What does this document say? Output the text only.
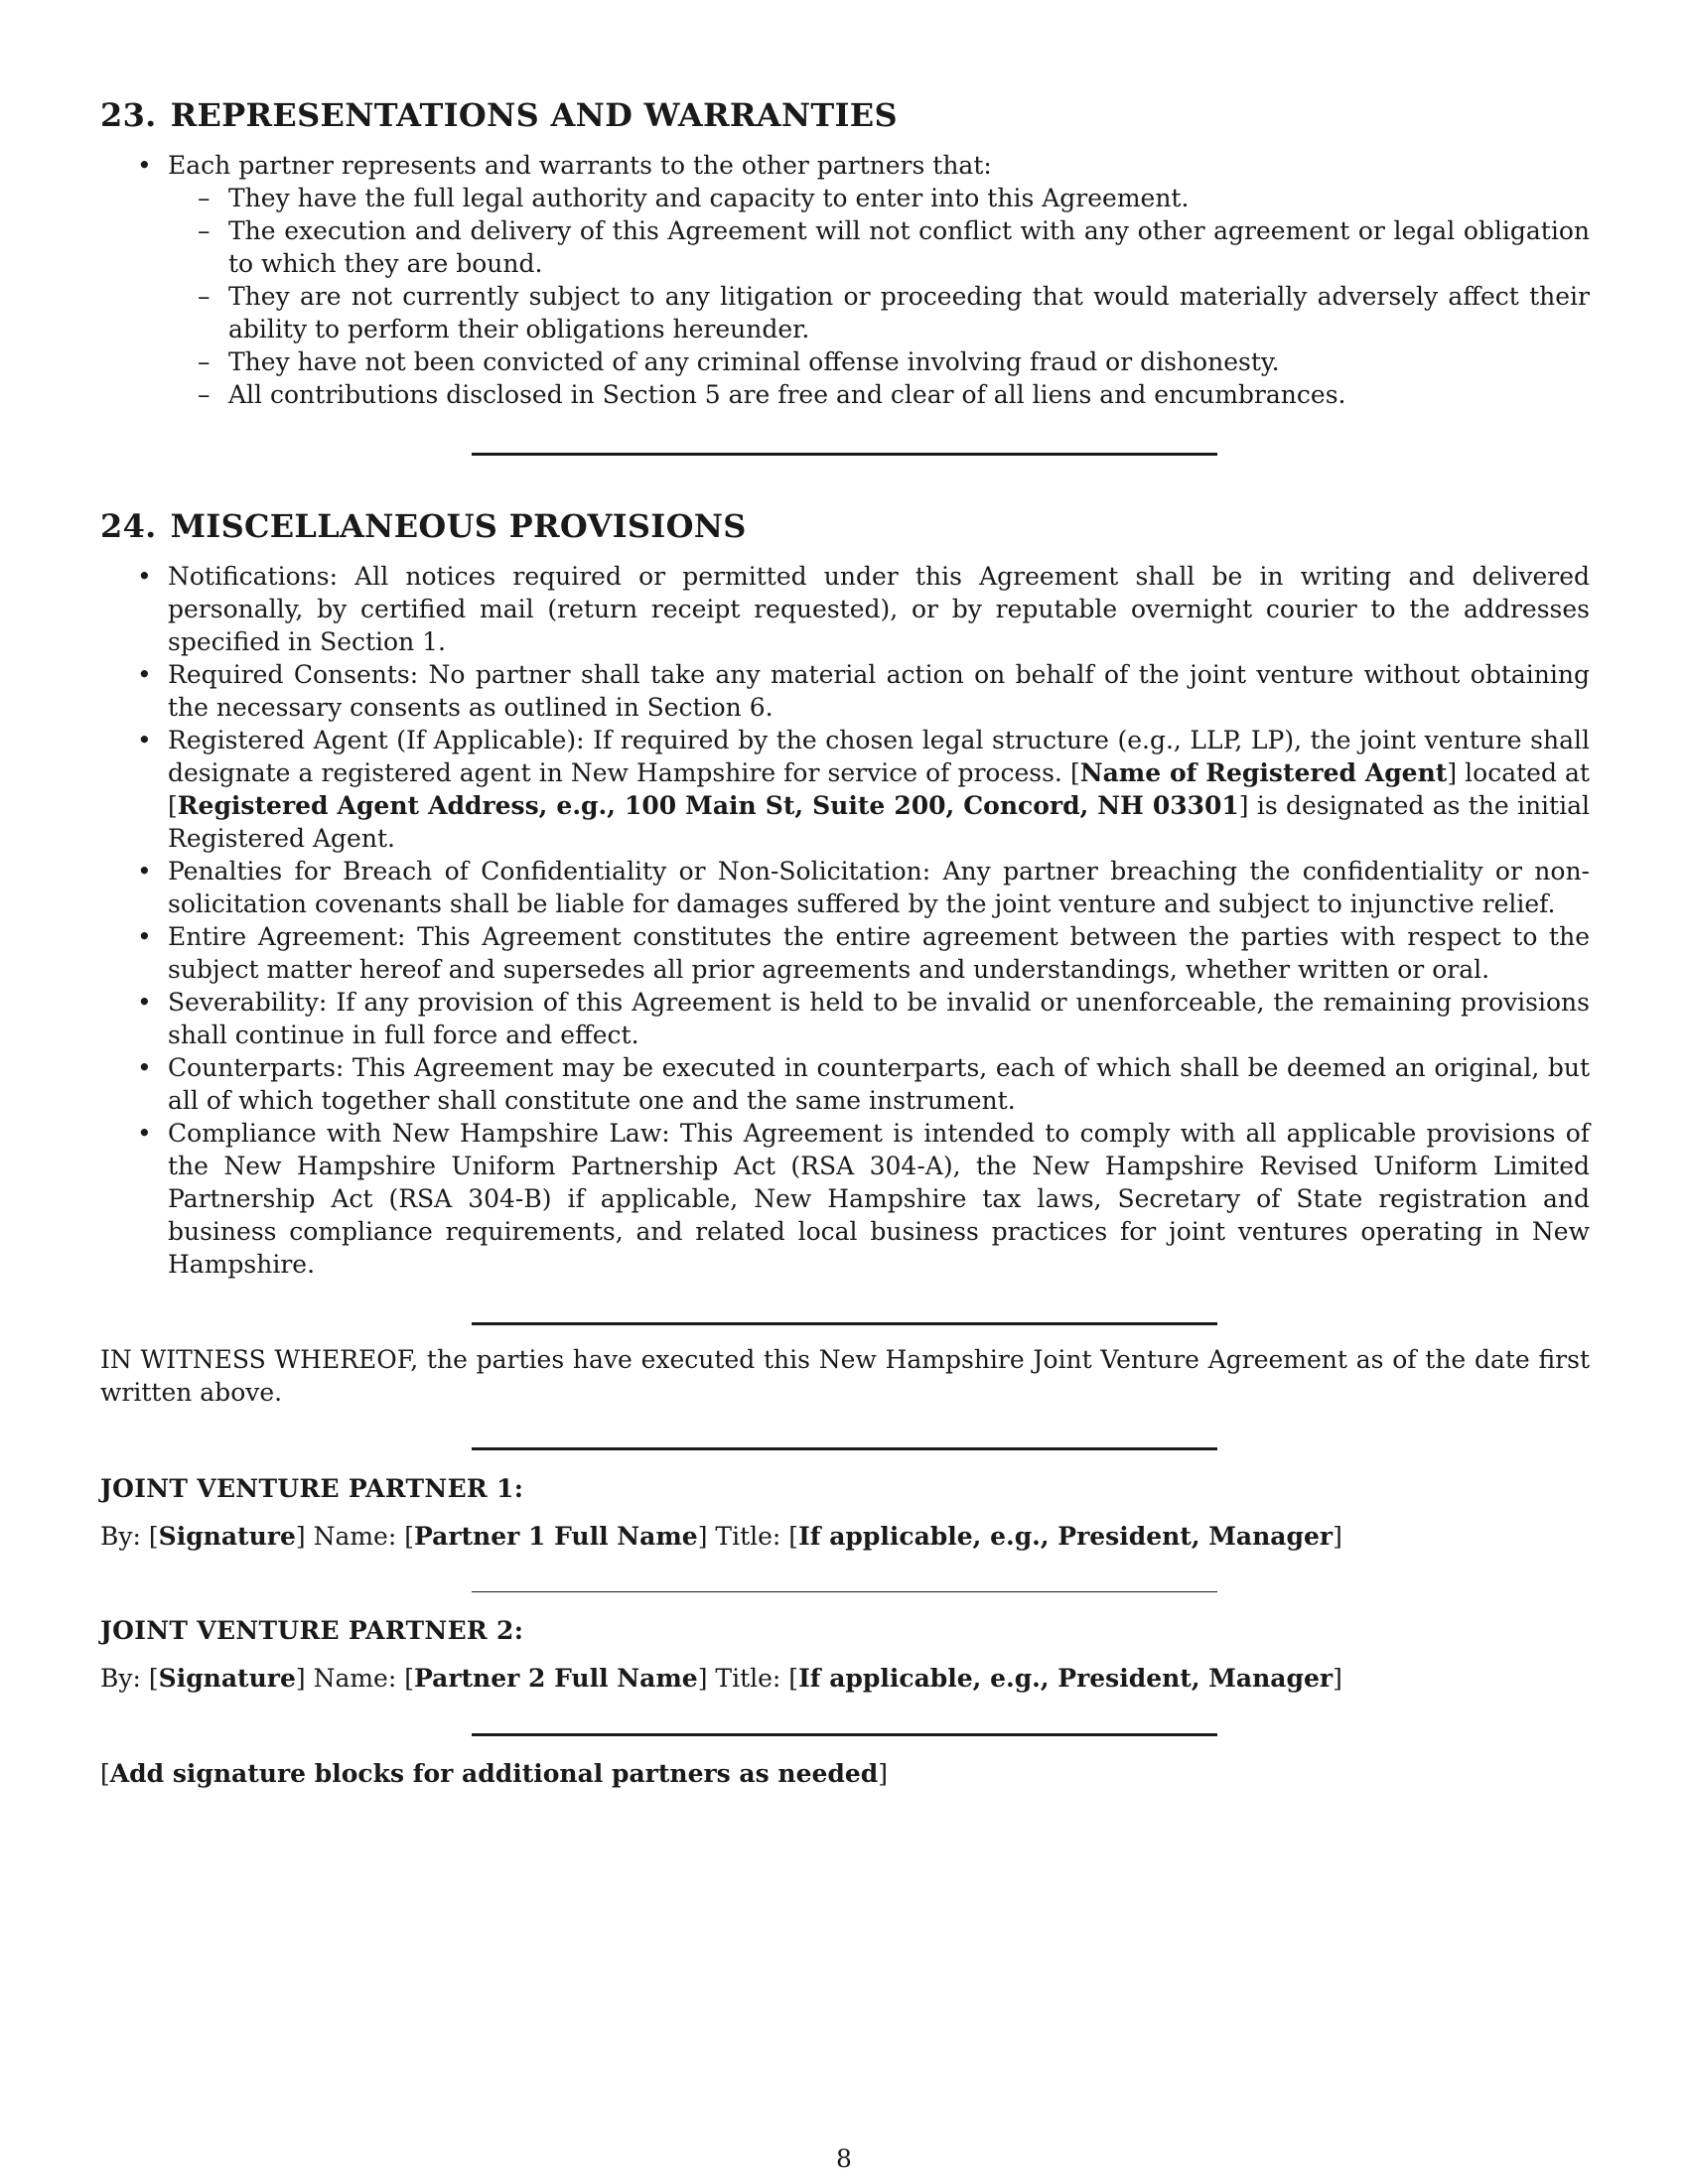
23. REPRESENTATIONS AND WARRANTIES
• Each partner represents and warrants to the other partners that:
– They have the full legal authority and capacity to enter into this Agreement.
– The execution and delivery of this Agreement will not conflict with any other agreement or legal obligation to which they are bound.
– They are not currently subject to any litigation or proceeding that would materially adversely affect their ability to perform their obligations hereunder.
– They have not been convicted of any criminal offense involving fraud or dishonesty.
– All contributions disclosed in Section 5 are free and clear of all liens and encumbrances.
24. MISCELLANEOUS PROVISIONS
• Notifications: All notices required or permitted under this Agreement shall be in writing and delivered personally, by certified mail (return receipt requested), or by reputable overnight courier to the addresses specified in Section 1.
• Required Consents: No partner shall take any material action on behalf of the joint venture without obtaining the necessary consents as outlined in Section 6.
• Registered Agent (If Applicable): If required by the chosen legal structure (e.g., LLP, LP), the joint venture shall designate a registered agent in New Hampshire for service of process. [Name of Registered Agent] located at [Registered Agent Address, e.g., 100 Main St, Suite 200, Concord, NH 03301] is designated as the initial Registered Agent.
• Penalties for Breach of Confidentiality or Non-Solicitation: Any partner breaching the confidentiality or non-solicitation covenants shall be liable for damages suffered by the joint venture and subject to injunctive relief.
• Entire Agreement: This Agreement constitutes the entire agreement between the parties with respect to the subject matter hereof and supersedes all prior agreements and understandings, whether written or oral.
• Severability: If any provision of this Agreement is held to be invalid or unenforceable, the remaining provisions shall continue in full force and effect.
• Counterparts: This Agreement may be executed in counterparts, each of which shall be deemed an original, but all of which together shall constitute one and the same instrument.
• Compliance with New Hampshire Law: This Agreement is intended to comply with all applicable provisions of the New Hampshire Uniform Partnership Act (RSA 304-A), the New Hampshire Revised Uniform Limited Partnership Act (RSA 304-B) if applicable, New Hampshire tax laws, Secretary of State registration and business compliance requirements, and related local business practices for joint ventures operating in New Hampshire.

IN WITNESS WHEREOF, the parties have executed this New Hampshire Joint Venture Agreement as of the date first written above.

JOINT VENTURE PARTNER 1:

By: [Signature] Name: [Partner 1 Full Name] Title: [If applicable, e.g., President, Manager]

JOINT VENTURE PARTNER 2:

By: [Signature] Name: [Partner 2 Full Name] Title: [If applicable, e.g., President, Manager]

[Add signature blocks for additional partners as needed]

8
